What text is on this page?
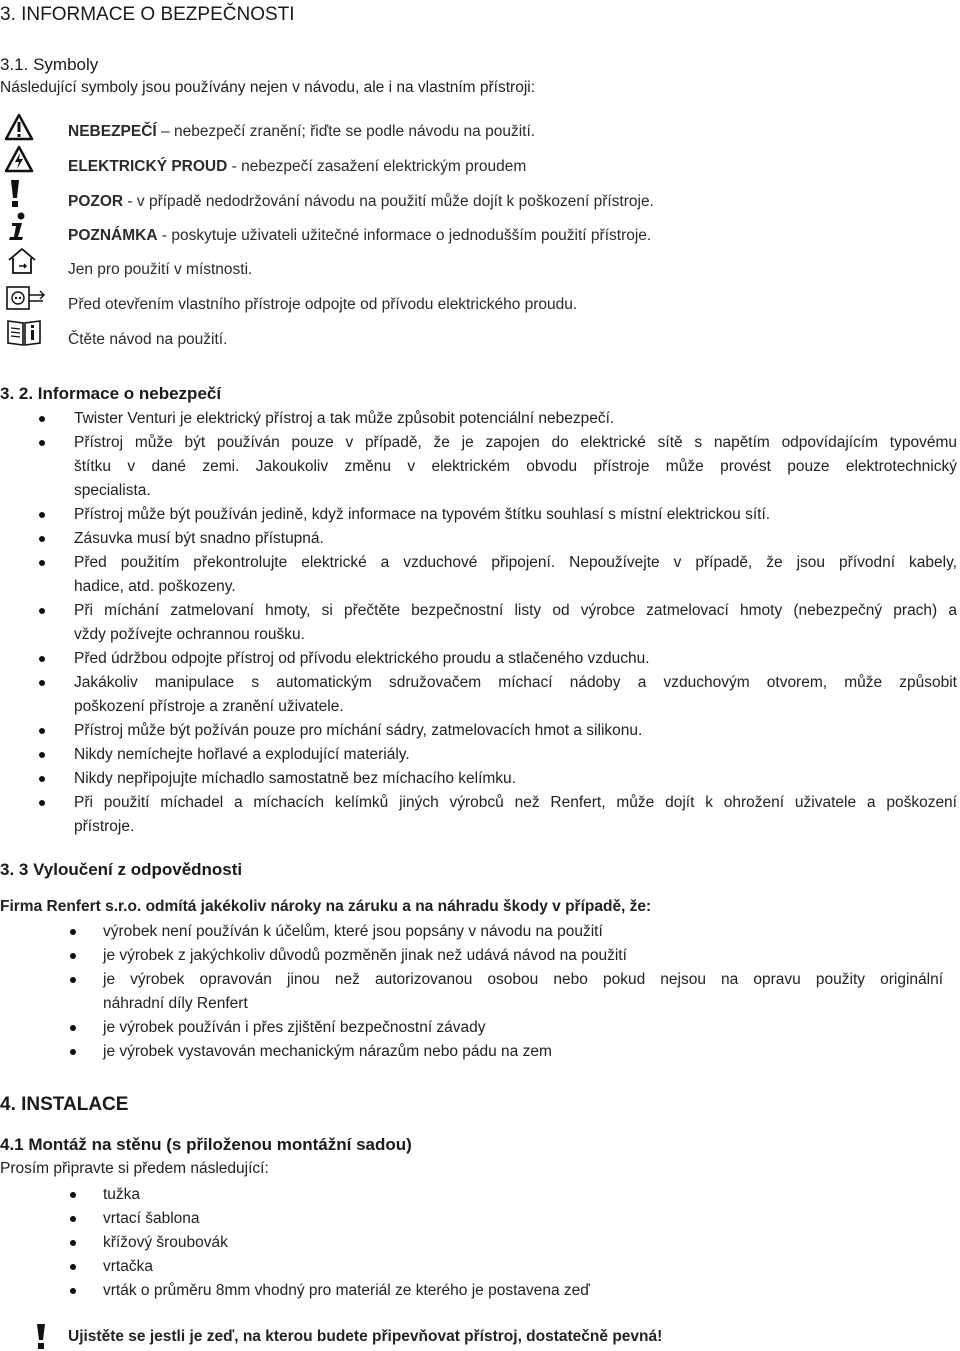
3. INFORMACE O BEZPEČNOSTI
3.1. Symboly
Následující symboly jsou používány nejen v návodu, ale i na vlastním přístroji:
NEBEZPEČÍ – nebezpečí zranění; řiďte se podle návodu na použití.
ELEKTRICKÝ PROUD - nebezpečí zasažení elektrickým proudem
POZOR - v případě nedodržování návodu na použití může dojít k poškození přístroje.
POZNÁMKA - poskytuje uživateli užitečné informace o jednodušším použití přístroje.
Jen pro použití v místnosti.
Před otevřením vlastního přístroje odpojte od přívodu elektrického proudu.
Čtěte návod na použití.
3. 2. Informace o nebezpečí
Twister Venturi je elektrický přístroj a tak může způsobit potenciální nebezpečí.
Přístroj může být používán pouze v případě, že je zapojen do elektrické sítě s napětím odpovídajícím typovému
štítku v dané zemi. Jakoukoliv změnu v elektrickém obvodu přístroje může provést pouze elektrotechnický
specialista.
Přístroj může být používán jedině, když informace na typovém štítku souhlasí s místní elektrickou sítí.
Zásuvka musí být snadno přístupná.
Před použitím překontrolujte elektrické a vzduchové připojení. Nepoužívejte v případě, že jsou přívodní kabely,
hadice, atd. poškozeny.
Při míchání zatmelovaní hmoty, si přečtěte bezpečnostní listy od výrobce zatmelovací hmoty (nebezpečný prach) a
vždy požívejte ochrannou roušku.
Před údržbou odpojte přístroj od přívodu elektrického proudu a stlačeného vzduchu.
Jakákoliv manipulace s automatickým sdružovačem míchací nádoby a vzduchovým otvorem, může způsobit
poškození přístroje a zranění uživatele.
Přístroj může být požíván pouze pro míchání sádry, zatmelovacích hmot a silikonu.
Nikdy nemíchejte hořlavé a explodující materiály.
Nikdy nepřipojujte míchadlo samostatně bez míchacího kelímku.
Při použití míchadel a míchacích kelímků jiných výrobců než Renfert, může dojít k ohrožení uživatele a poškození
přístroje.
3. 3 Vyloučení z odpovědnosti
Firma Renfert s.r.o. odmítá jakékoliv nároky na záruku a na náhradu škody v případě, že:
výrobek není používán k účelům, které jsou popsány v návodu na použití
je výrobek z jakýchkoliv důvodů pozměněn jinak než udává návod na použití
je výrobek opravován jinou než autorizovanou osobou nebo pokud nejsou na opravu použity originální
náhradní díly Renfert
je výrobek používán i přes zjištění bezpečnostní závady
je výrobek vystavován mechanickým nárazům nebo pádu na zem
4. INSTALACE
4.1 Montáž na stěnu (s přiloženou montážní sadou)
Prosím připravte si předem následující:
tužka
vrtací šablona
křížový šroubovák
vrtačka
vrták o průměru 8mm vhodný pro materiál ze kterého je postavena zeď
Ujistěte se jestli je zeď, na kterou budete připevňovat přístroj, dostatečně pevná!
